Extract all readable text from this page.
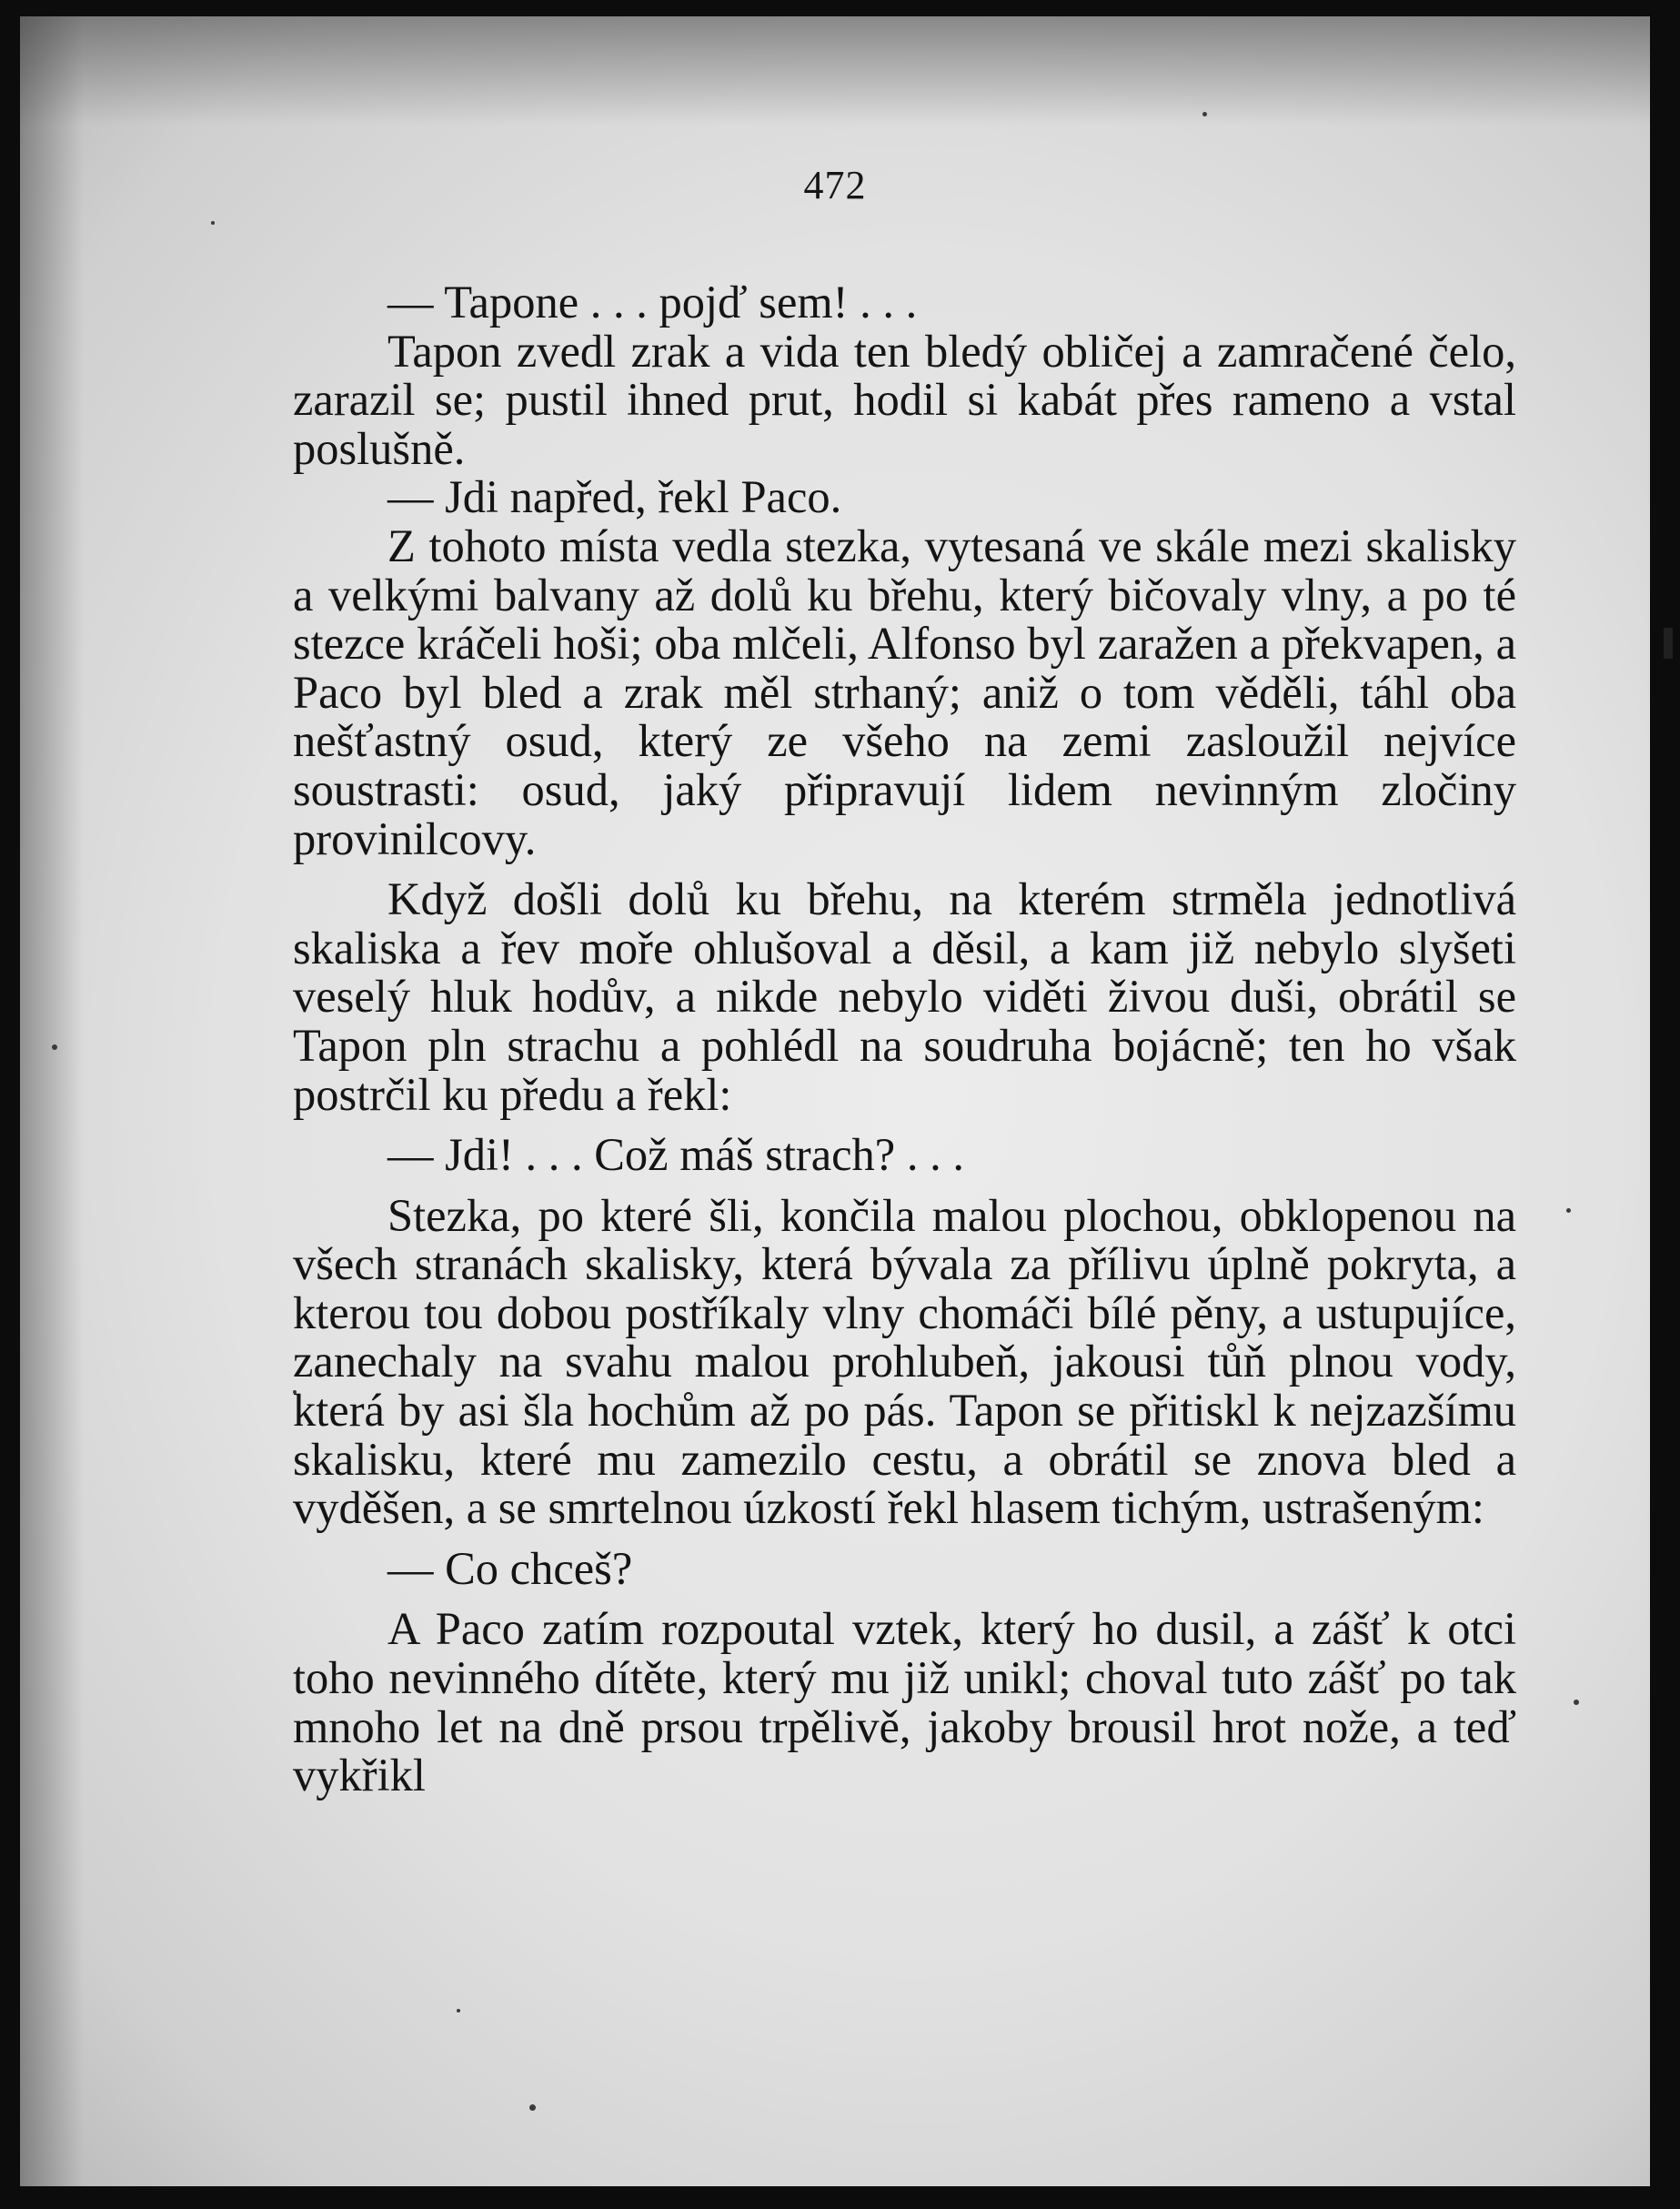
472

— Tapone . . . pojď sem! . . .

Tapon zvedl zrak a vida ten bledý obličej a zamračené čelo, zarazil se; pustil ihned prut, hodil si kabát přes rameno a vstal poslušně.

— Jdi napřed, řekl Paco.

Z tohoto místa vedla stezka, vytesaná ve skále mezi skalisky a velkými balvany až dolů ku břehu, který bičovaly vlny, a po té stezce kráčeli hoši; oba mlčeli, Alfonso byl zaražen a překvapen, a Paco byl bled a zrak měl strhaný; aniž o tom věděli, táhl oba nešťastný osud, který ze všeho na zemi zasloužil nejvíce soustrasti: osud, jaký připravují lidem nevinným zločiny provinilcovy.

Když došli dolů ku břehu, na kterém strměla jednotlivá skaliska a řev moře ohlušoval a děsil, a kam již nebylo slyšeti veselý hluk hodův, a nikde nebylo viděti živou duši, obrátil se Tapon pln strachu a pohlédl na soudruha bojácně; ten ho však postrčil ku předu a řekl:

— Jdi! . . . Což máš strach? . . .

Stezka, po které šli, končila malou plochou, obklopenou na všech stranách skalisky, která bývala za přílivu úplně pokryta, a kterou tou dobou postříkaly vlny chomáči bílé pěny, a ustupujíce, zanechaly na svahu malou prohlubeň, jakousi tůň plnou vody, která by asi šla hochům až po pás. Tapon se přitiskl k nejzazšímu skalisku, které mu zamezilo cestu, a obrátil se znova bled a vyděšen, a se smrtelnou úzkostí řekl hlasem tichým, ustrašeným:

— Co chceš?

A Paco zatím rozpoutal vztek, který ho dusil, a zášť k otci toho nevinného dítěte, který mu již unikl; choval tuto zášť po tak mnoho let na dně prsou trpělivě, jakoby brousil hrot nože, a teď vykřikl
